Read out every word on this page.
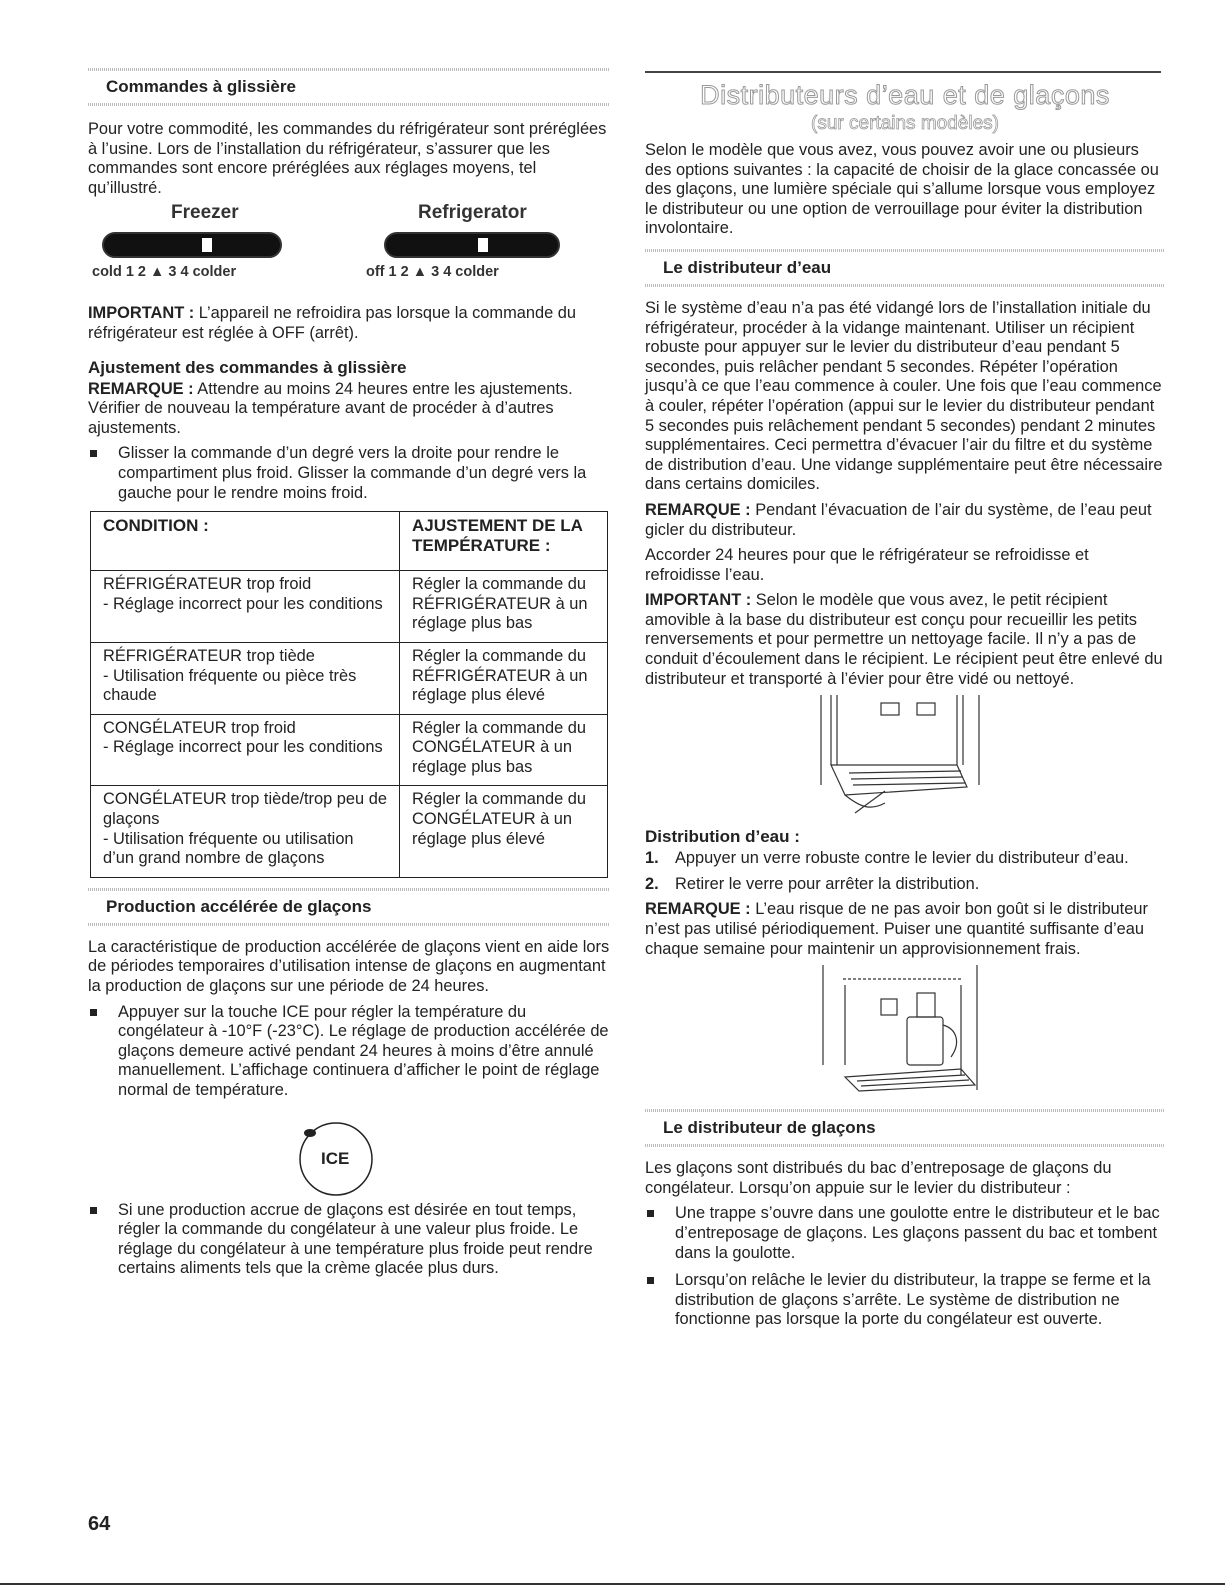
Commandes à glissière

Pour votre commodité, les commandes du réfrigérateur sont préréglées à l’usine. Lors de l’installation du réfrigérateur, s’assurer que les commandes sont encore préréglées aux réglages moyens, tel qu’illustré.

Freezer
cold 1 2 ▲ 3 4 colder
Refrigerator
off 1 2 ▲ 3 4 colder

IMPORTANT : L’appareil ne refroidira pas lorsque la commande du réfrigérateur est réglée à OFF (arrêt).

Ajustement des commandes à glissière

REMARQUE : Attendre au moins 24 heures entre les ajustements. Vérifier de nouveau la température avant de procéder à d’autres ajustements.

Glisser la commande d’un degré vers la droite pour rendre le compartiment plus froid. Glisser la commande d’un degré vers la gauche pour le rendre moins froid.
CONDITION :	AJUSTEMENT DE LA TEMPÉRATURE :
RÉFRIGÉRATEUR trop froid
- Réglage incorrect pour les conditions	Régler la commande du RÉFRIGÉRATEUR à un réglage plus bas
RÉFRIGÉRATEUR trop tiède
- Utilisation fréquente ou pièce très chaude	Régler la commande du RÉFRIGÉRATEUR à un réglage plus élevé
CONGÉLATEUR trop froid
- Réglage incorrect pour les conditions	Régler la commande du CONGÉLATEUR à un réglage plus bas
CONGÉLATEUR trop tiède/trop peu de glaçons
- Utilisation fréquente ou utilisation d’un grand nombre de glaçons	Régler la commande du CONGÉLATEUR à un réglage plus élevé

Production accélérée de glaçons

La caractéristique de production accélérée de glaçons vient en aide lors de périodes temporaires d’utilisation intense de glaçons en augmentant la production de glaçons sur une période de 24 heures.

Appuyer sur la touche ICE pour régler la température du congélateur à -10°F (-23°C). Le réglage de production accélérée de glaçons demeure activé pendant 24 heures à moins d’être annulé manuellement. L’affichage continuera d’afficher le point de réglage normal de température.
ICE
Si une production accrue de glaçons est désirée en tout temps, régler la commande du congélateur à une valeur plus froide. Le réglage du congélateur à une température plus froide peut rendre certains aliments tels que la crème glacée plus durs.

Distributeurs d’eau et de glaçons

(sur certains modèles)

Selon le modèle que vous avez, vous pouvez avoir une ou plusieurs des options suivantes : la capacité de choisir de la glace concassée ou des glaçons, une lumière spéciale qui s’allume lorsque vous employez le distributeur ou une option de verrouillage pour éviter la distribution involontaire.

Le distributeur d’eau

Si le système d’eau n’a pas été vidangé lors de l’installation initiale du réfrigérateur, procéder à la vidange maintenant. Utiliser un récipient robuste pour appuyer sur le levier du distributeur d’eau pendant 5 secondes, puis relâcher pendant 5 secondes. Répéter l’opération jusqu’à ce que l’eau commence à couler. Une fois que l’eau commence à couler, répéter l’opération (appui sur le levier du distributeur pendant 5 secondes puis relâchement pendant 5 secondes) pendant 2 minutes supplémentaires. Ceci permettra d’évacuer l’air du filtre et du système de distribution d’eau. Une vidange supplémentaire peut être nécessaire dans certains domiciles.

REMARQUE : Pendant l’évacuation de l’air du système, de l’eau peut gicler du distributeur.

Accorder 24 heures pour que le réfrigérateur se refroidisse et refroidisse l’eau.

IMPORTANT : Selon le modèle que vous avez, le petit récipient amovible à la base du distributeur est conçu pour recueillir les petits renversements et pour permettre un nettoyage facile. Il n’y a pas de conduit d’écoulement dans le récipient. Le récipient peut être enlevé du distributeur et transporté à l’évier pour être vidé ou nettoyé.

Distribution d’eau :

1. Appuyer un verre robuste contre le levier du distributeur d’eau.
2. Retirer le verre pour arrêter la distribution.

REMARQUE : L’eau risque de ne pas avoir bon goût si le distributeur n’est pas utilisé périodiquement. Puiser une quantité suffisante d’eau chaque semaine pour maintenir un approvisionnement frais.

Le distributeur de glaçons

Les glaçons sont distribués du bac d’entreposage de glaçons du congélateur. Lorsqu’on appuie sur le levier du distributeur :

Une trappe s’ouvre dans une goulotte entre le distributeur et le bac d’entreposage de glaçons. Les glaçons passent du bac et tombent dans la goulotte.
Lorsqu’on relâche le levier du distributeur, la trappe se ferme et la distribution de glaçons s’arrête. Le système de distribution ne fonctionne pas lorsque la porte du congélateur est ouverte.
64
